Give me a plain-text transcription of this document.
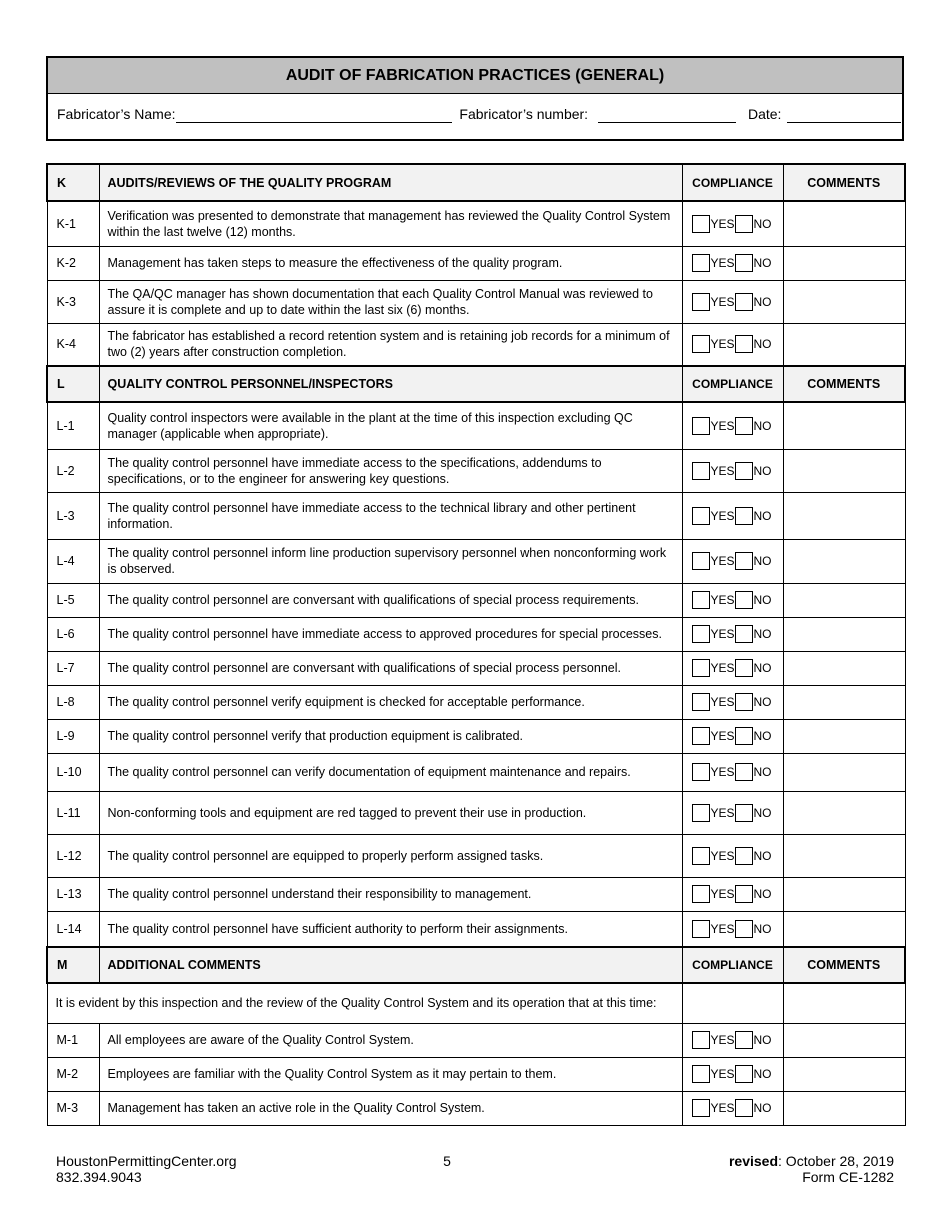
AUDIT OF FABRICATION PRACTICES (GENERAL)
Fabricator’s Name:	Fabricator’s number:	Date:
K	AUDITS/REVIEWS OF THE QUALITY PROGRAM	COMPLIANCE	COMMENTS
K-1	Verification was presented to demonstrate that management has reviewed the Quality Control System within the last twelve (12) months.	YES NO	
K-2	Management has taken steps to measure the effectiveness of the quality program.	YES NO	
K-3	The QA/QC manager has shown documentation that each Quality Control Manual was reviewed to assure it is complete and up to date within the last six (6) months.	YES NO	
K-4	The fabricator has established a record retention system and is retaining job records for a minimum of two (2) years after construction completion.	YES NO	
L	QUALITY CONTROL PERSONNEL/INSPECTORS	COMPLIANCE	COMMENTS
L-1	Quality control inspectors were available in the plant at the time of this inspection excluding QC manager (applicable when appropriate).	YES NO	
L-2	The quality control personnel have immediate access to the specifications, addendums to specifications, or to the engineer for answering key questions.	YES NO	
L-3	The quality control personnel have immediate access to the technical library and other pertinent information.	YES NO	
L-4	The quality control personnel inform line production supervisory personnel when nonconforming work is observed.	YES NO	
L-5	The quality control personnel are conversant with qualifications of special process requirements.	YES NO	
L-6	The quality control personnel have immediate access to approved procedures for special processes.	YES NO	
L-7	The quality control personnel are conversant with qualifications of special process personnel.	YES NO	
L-8	The quality control personnel verify equipment is checked for acceptable performance.	YES NO	
L-9	The quality control personnel verify that production equipment is calibrated.	YES NO	
L-10	The quality control personnel can verify documentation of equipment maintenance and repairs.	YES NO	
L-11	Non-conforming tools and equipment are red tagged to prevent their use in production.	YES NO	
L-12	The quality control personnel are equipped to properly perform assigned tasks.	YES NO	
L-13	The quality control personnel understand their responsibility to management.	YES NO	
L-14	The quality control personnel have sufficient authority to perform their assignments.	YES NO	
M	ADDITIONAL COMMENTS	COMPLIANCE	COMMENTS
It is evident by this inspection and the review of the Quality Control System and its operation that at this time:			
M-1	All employees are aware of the Quality Control System.	YES NO	
M-2	Employees are familiar with the Quality Control System as it may pertain to them.	YES NO	
M-3	Management has taken an active role in the Quality Control System.	YES NO	
HoustonPermittingCenter.org
832.394.9043
5	revised: October 28, 2019
Form CE-1282
